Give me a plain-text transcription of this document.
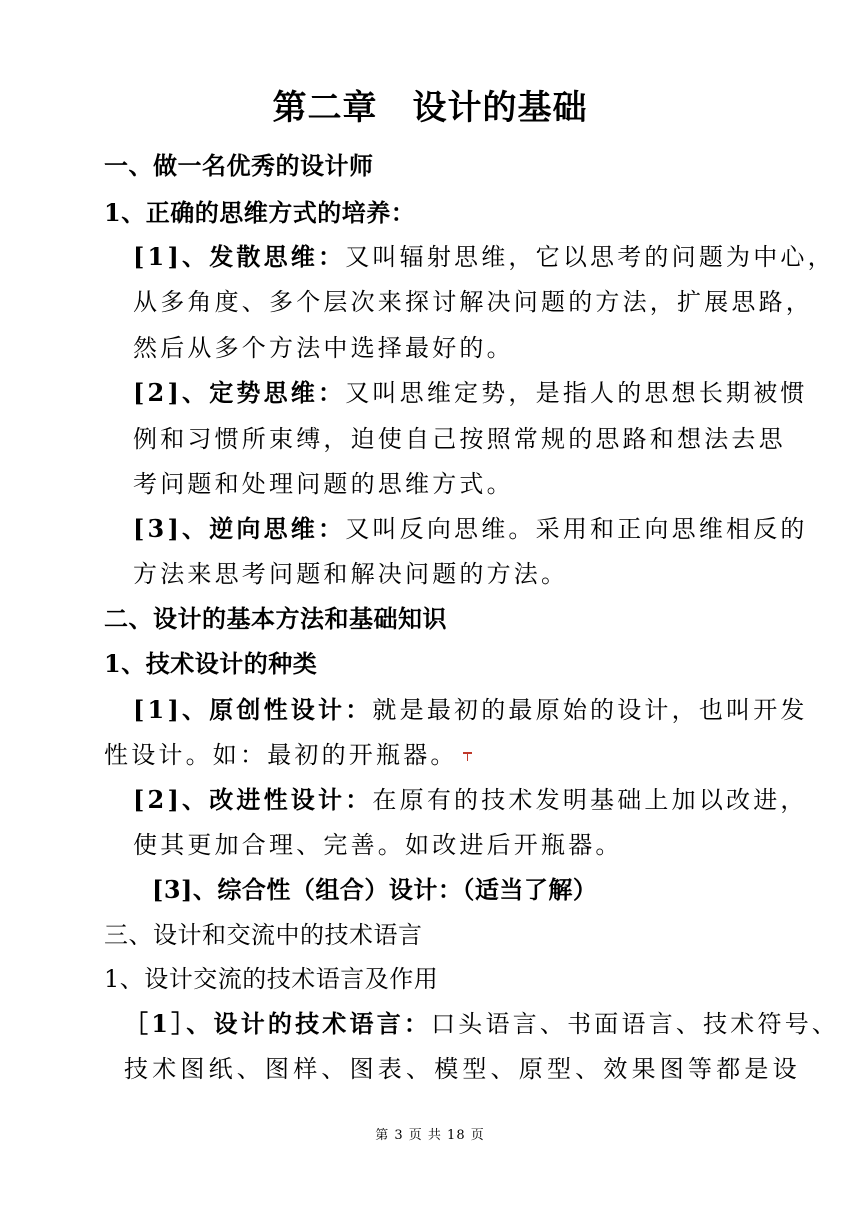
第二章　设计的基础
一、做一名优秀的设计师
1、正确的思维方式的培养：
[1]、发散思维：又叫辐射思维，它以思考的问题为中心，
从多角度、多个层次来探讨解决问题的方法，扩展思路，
然后从多个方法中选择最好的。
[2]、定势思维：又叫思维定势，是指人的思想长期被惯
例和习惯所束缚，迫使自己按照常规的思路和想法去思
考问题和处理问题的思维方式。
[3]、逆向思维：又叫反向思维。采用和正向思维相反的
方法来思考问题和解决问题的方法。
二、设计的基本方法和基础知识
1、技术设计的种类
[1]、原创性设计：就是最初的最原始的设计，也叫开发
性设计。如：最初的开瓶器。
[2]、改进性设计：在原有的技术发明基础上加以改进，
使其更加合理、完善。如改进后开瓶器。
[3]、综合性（组合）设计：（适当了解）
三、设计和交流中的技术语言
1、设计交流的技术语言及作用
［1］、设计的技术语言：口头语言、书面语言、技术符号、
技术图纸、图样、图表、模型、原型、效果图等都是设
第 3 页 共 18 页
